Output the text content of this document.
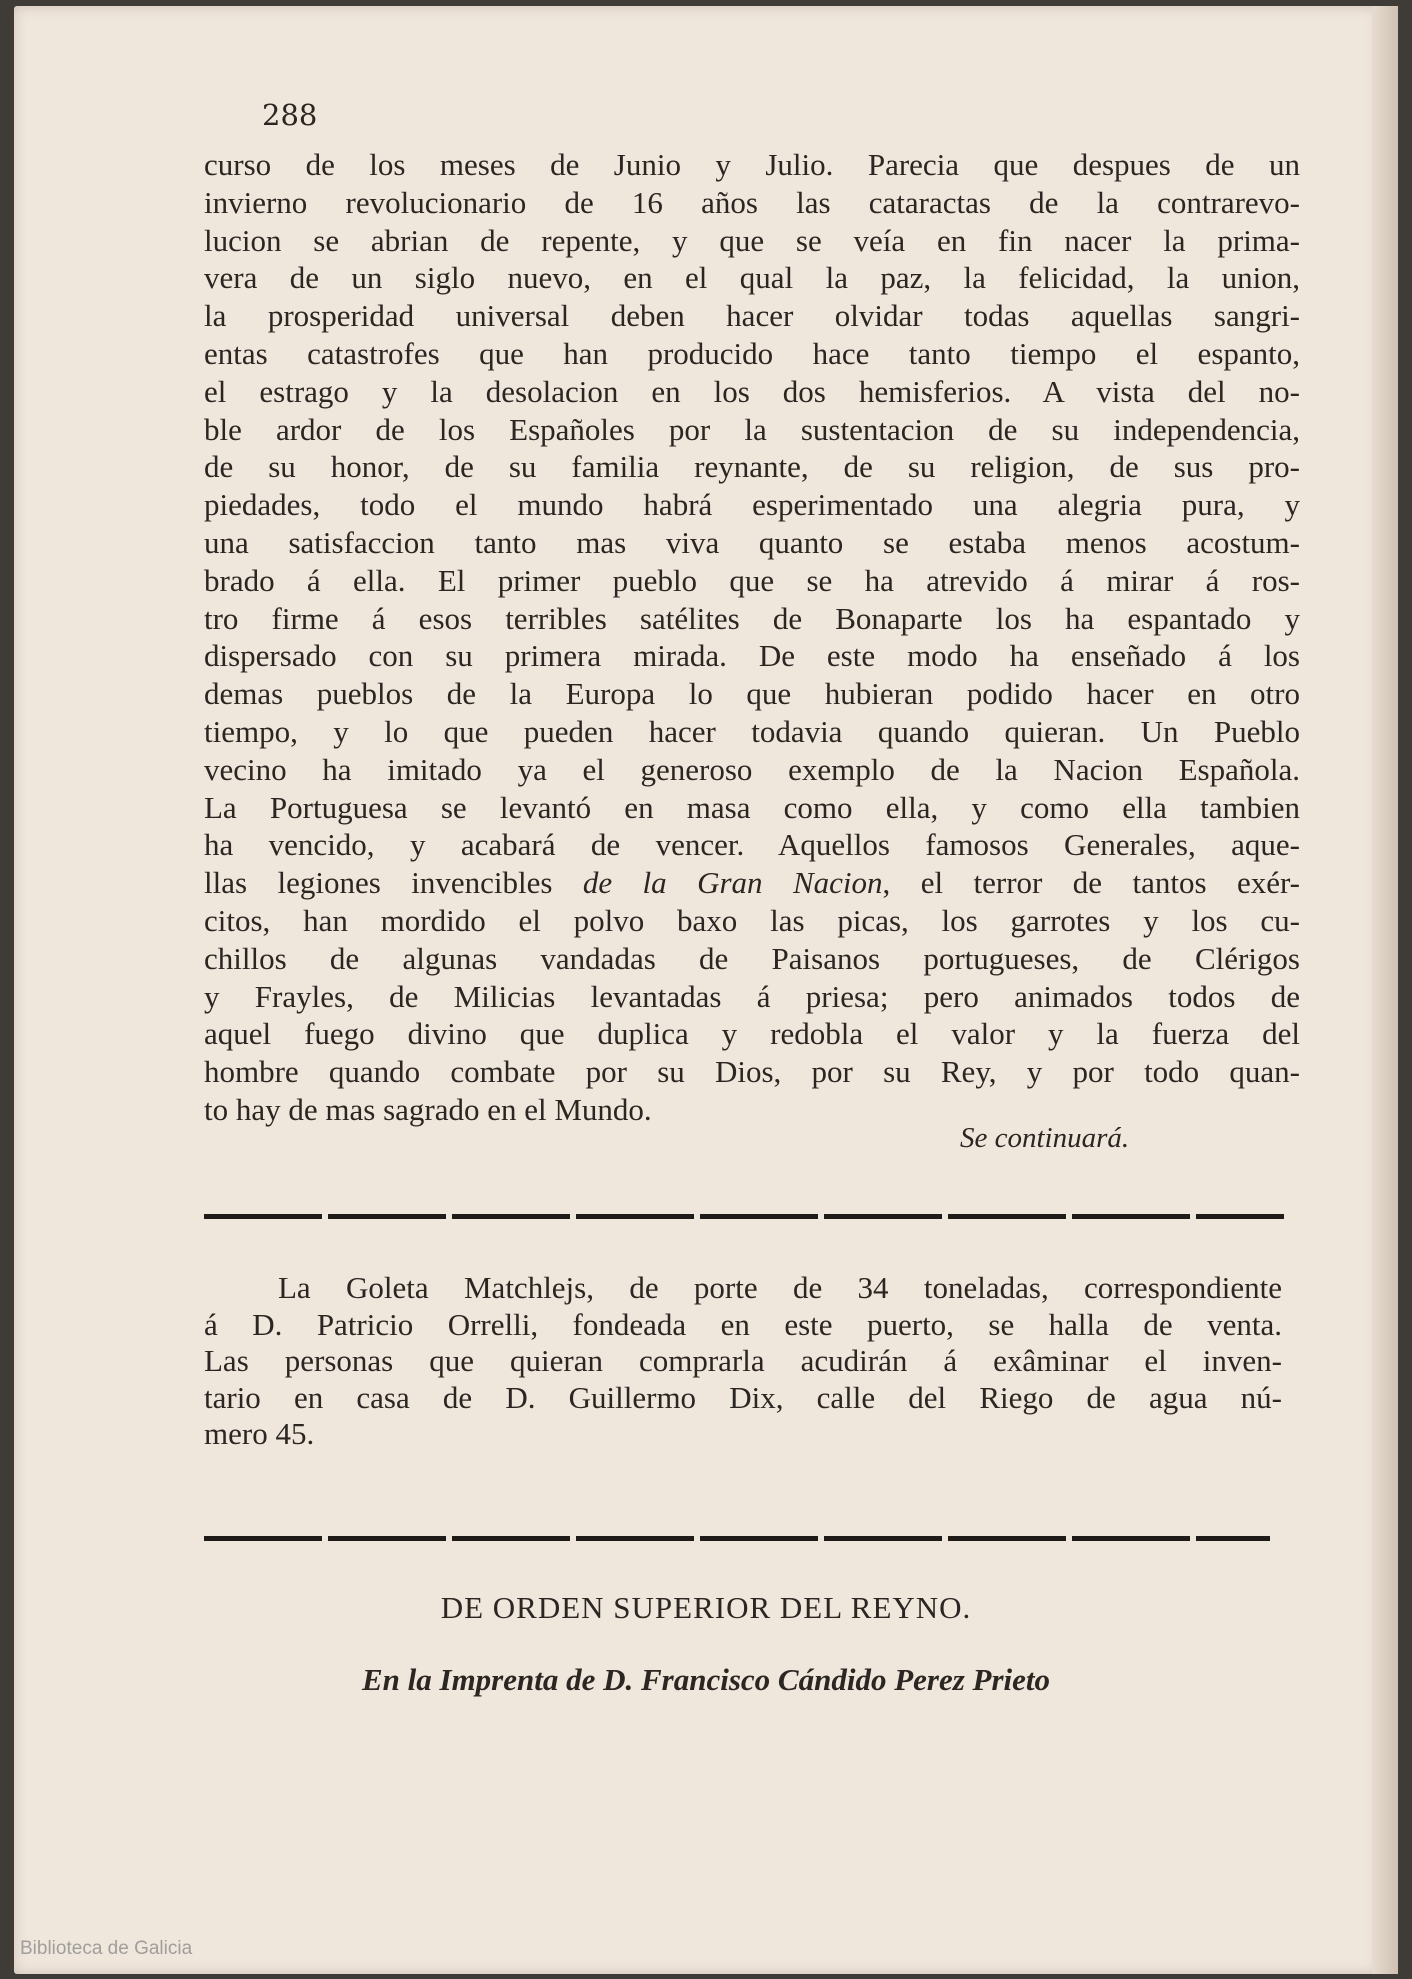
288
curso de los meses de Junio y Julio. Parecia que despues de un
invierno revolucionario de 16 años las cataractas de la contrarevo-
lucion se abrian de repente, y que se veía en fin nacer la prima-
vera de un siglo nuevo, en el qual la paz, la felicidad, la union,
la prosperidad universal deben hacer olvidar todas aquellas sangri-
entas catastrofes que han producido hace tanto tiempo el espanto,
el estrago y la desolacion en los dos hemisferios. A vista del no-
ble ardor de los Españoles por la sustentacion de su independencia,
de su honor, de su familia reynante, de su religion, de sus pro-
piedades, todo el mundo habrá esperimentado una alegria pura, y
una satisfaccion tanto mas viva quanto se estaba menos acostum-
brado á ella. El primer pueblo que se ha atrevido á mirar á ros-
tro firme á esos terribles satélites de Bonaparte los ha espantado y
dispersado con su primera mirada. De este modo ha enseñado á los
demas pueblos de la Europa lo que hubieran podido hacer en otro
tiempo, y lo que pueden hacer todavia quando quieran. Un Pueblo
vecino ha imitado ya el generoso exemplo de la Nacion Española.
La Portuguesa se levantó en masa como ella, y como ella tambien
ha vencido, y acabará de vencer. Aquellos famosos Generales, aque-
llas legiones invencibles de la Gran Nacion, el terror de tantos exér-
citos, han mordido el polvo baxo las picas, los garrotes y los cu-
chillos de algunas vandadas de Paisanos portugueses, de Clérigos
y Frayles, de Milicias levantadas á priesa; pero animados todos de
aquel fuego divino que duplica y redobla el valor y la fuerza del
hombre quando combate por su Dios, por su Rey, y por todo quan-
to hay de mas sagrado en el Mundo.
Se continuará.
La Goleta Matchlejs, de porte de 34 toneladas, correspondiente
á D. Patricio Orrelli, fondeada en este puerto, se halla de venta.
Las personas que quieran comprarla acudirán á exâminar el inven-
tario en casa de D. Guillermo Dix, calle del Riego de agua nú-
mero 45.
DE ORDEN SUPERIOR DEL REYNO.
En la Imprenta de D. Francisco Cándido Perez Prieto
Biblioteca de Galicia
